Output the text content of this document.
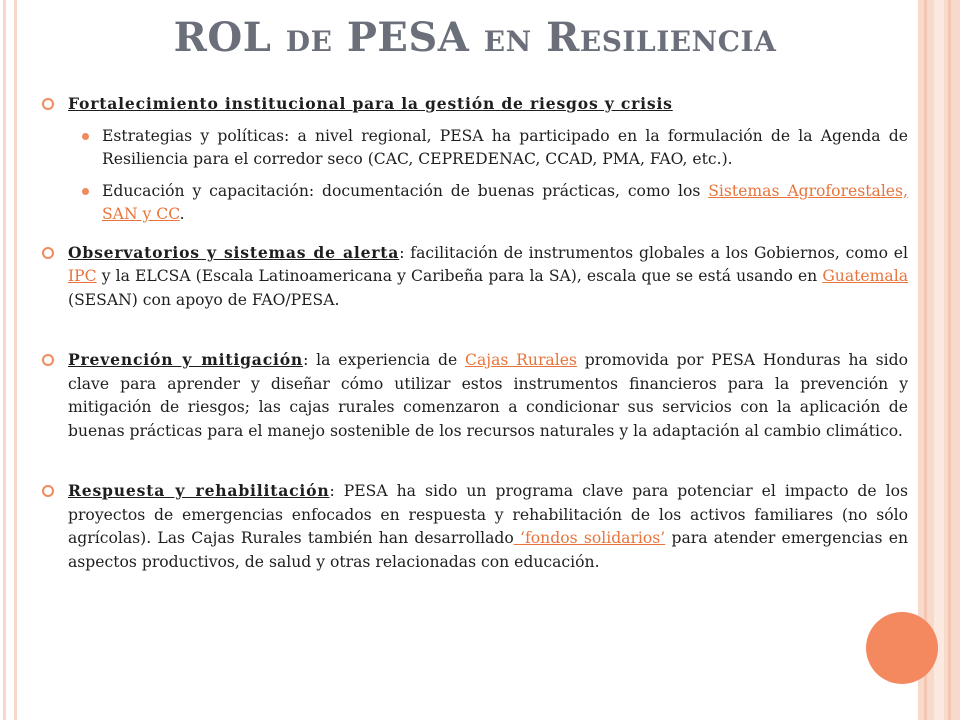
ROL DE PESA EN RESILIENCIA
Fortalecimiento institucional para la gestión de riesgos y crisis
Estrategias y políticas: a nivel regional, PESA ha participado en la formulación de la Agenda de Resiliencia para el corredor seco (CAC, CEPREDENAC, CCAD, PMA, FAO, etc.).
Educación y capacitación: documentación de buenas prácticas, como los Sistemas Agroforestales, SAN y CC.
Observatorios y sistemas de alerta: facilitación de instrumentos globales a los Gobiernos, como el IPC y la ELCSA (Escala Latinoamericana y Caribeña para la SA), escala que se está usando en Guatemala (SESAN) con apoyo de FAO/PESA.
Prevención y mitigación: la experiencia de Cajas Rurales promovida por PESA Honduras ha sido clave para aprender y diseñar cómo utilizar estos instrumentos financieros para la prevención y mitigación de riesgos; las cajas rurales comenzaron a condicionar sus servicios con la aplicación de buenas prácticas para el manejo sostenible de los recursos naturales y la adaptación al cambio climático.
Respuesta y rehabilitación: PESA ha sido un programa clave para potenciar el impacto de los proyectos de emergencias enfocados en respuesta y rehabilitación de los activos familiares (no sólo agrícolas). Las Cajas Rurales también han desarrollado ‘fondos solidarios’ para atender emergencias en aspectos productivos, de salud y otras relacionadas con educación.
